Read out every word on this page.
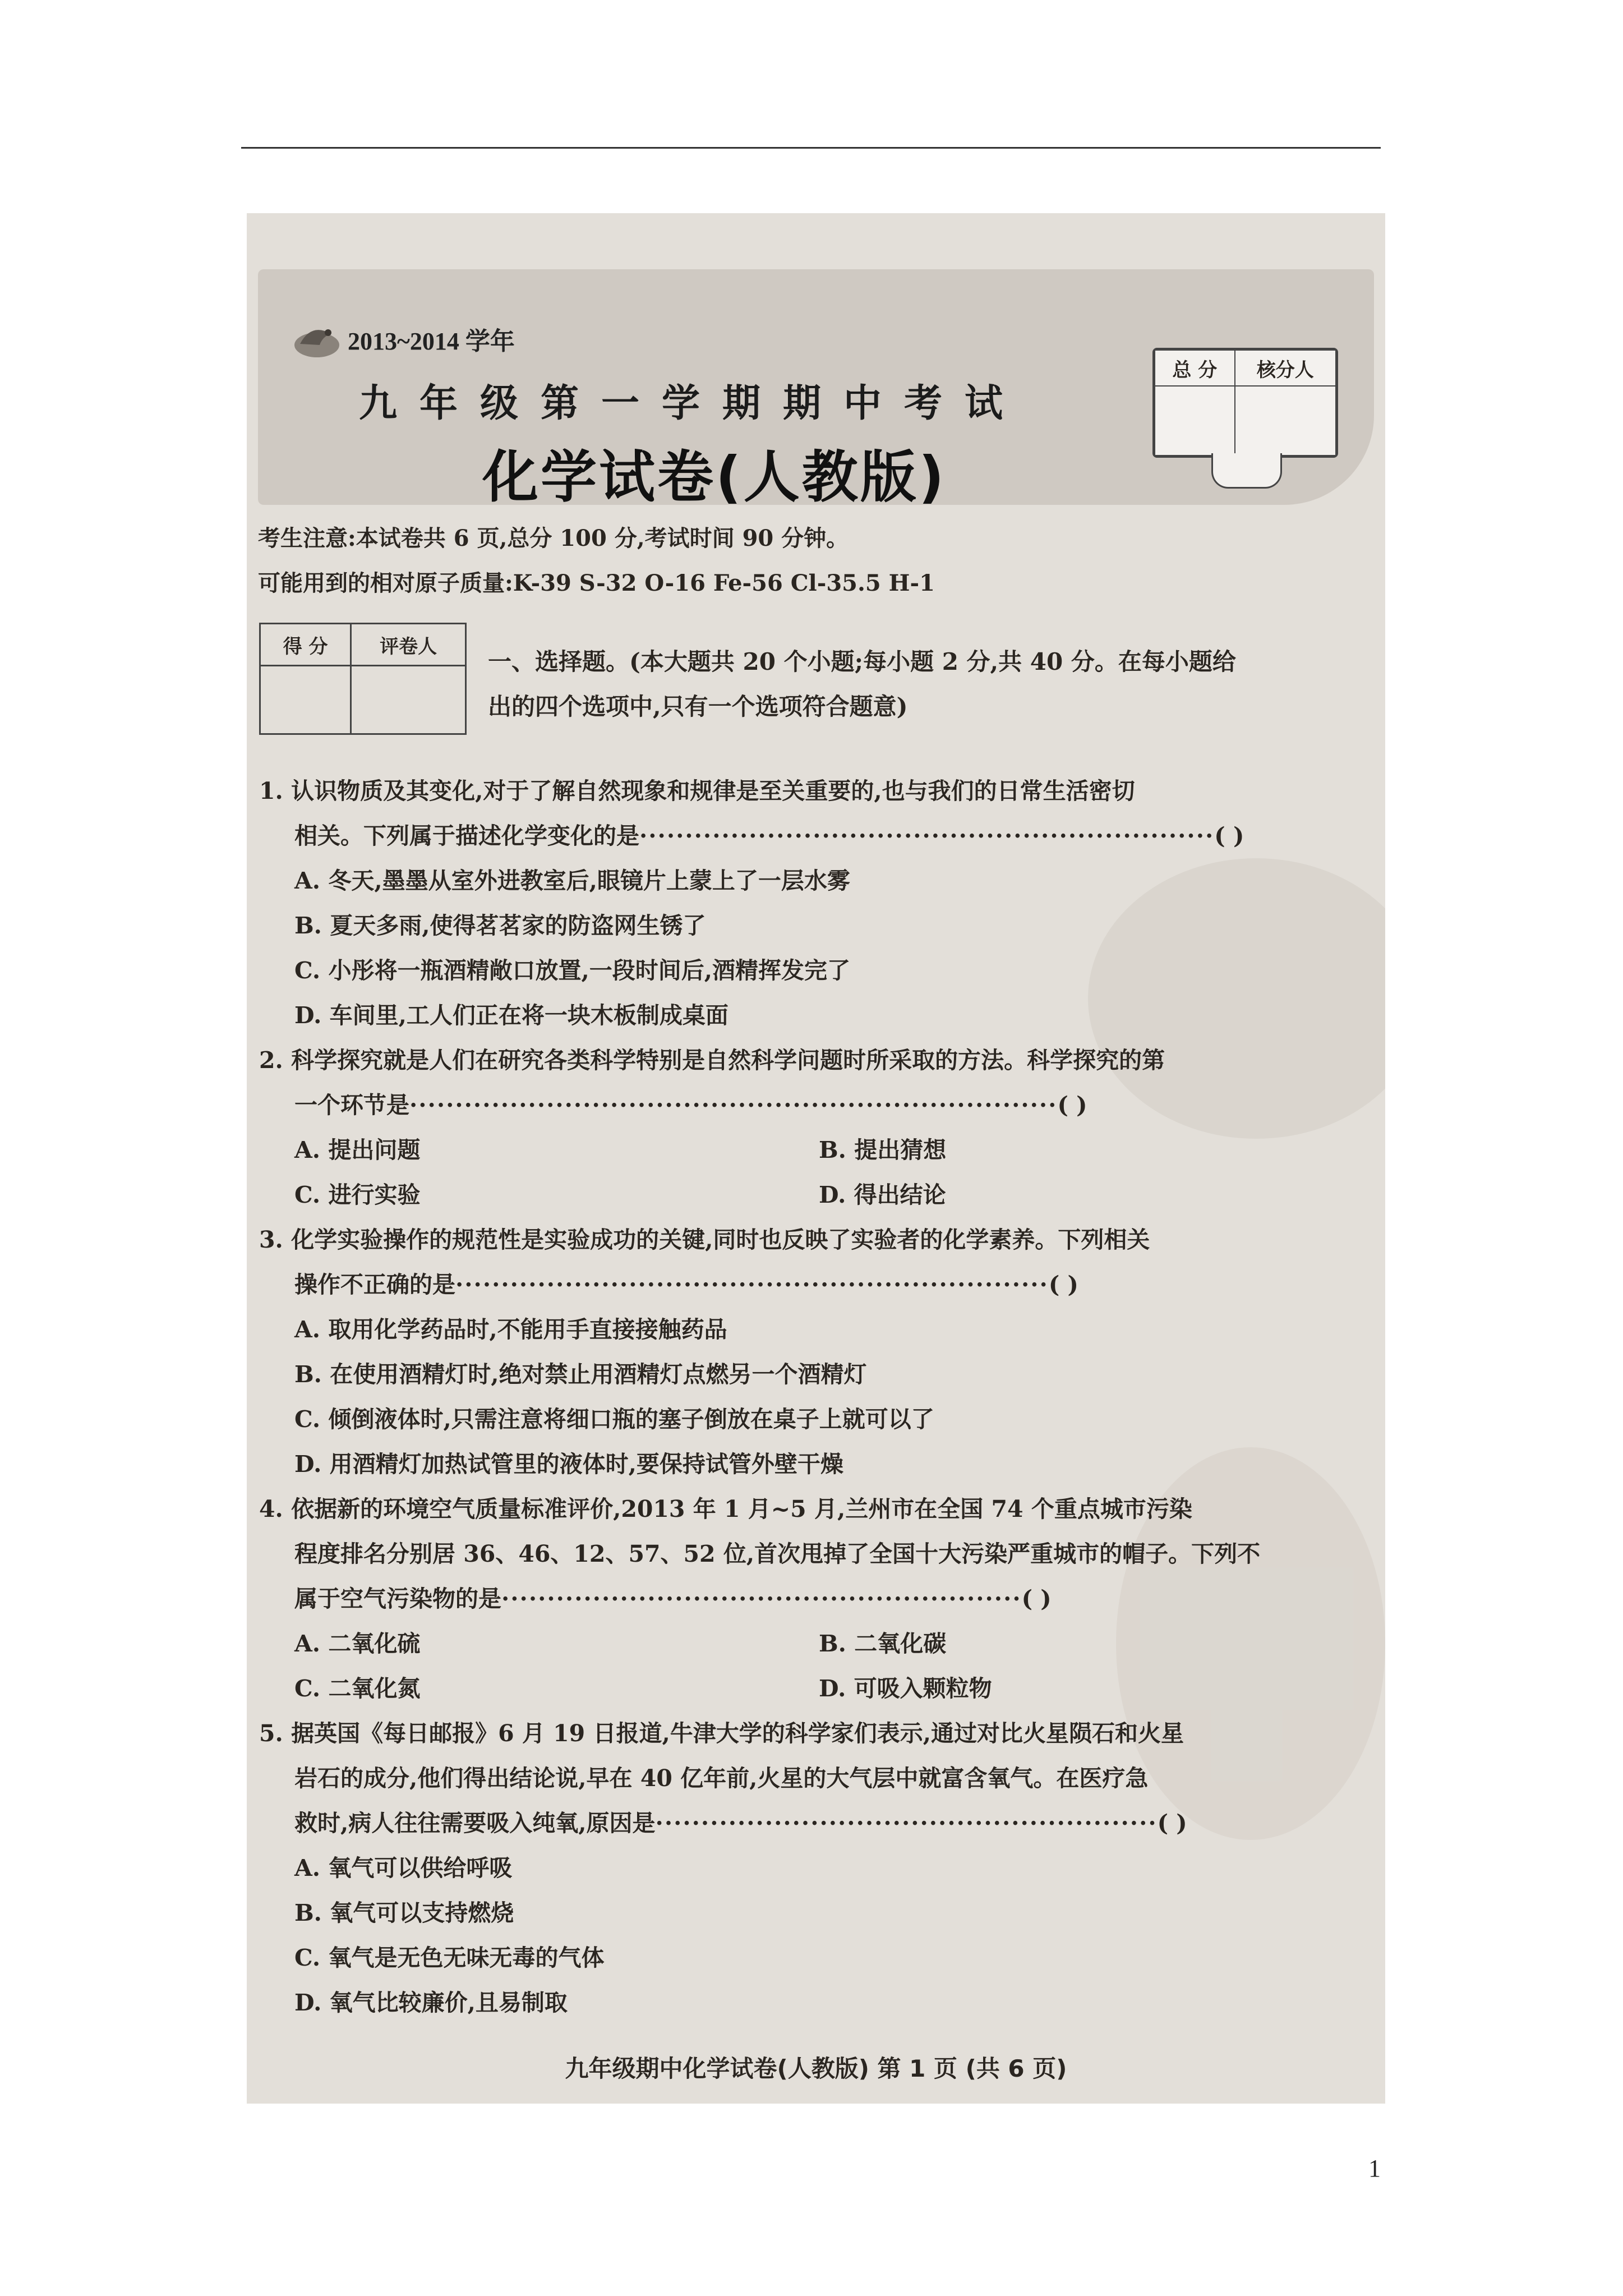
2013~2014 学年
九年级第一学期期中考试
化学试卷(人教版)
总 分	核分人

考生注意:本试卷共 6 页,总分 100 分,考试时间 90 分钟。
可能用到的相对原子质量:K-39 S-32 O-16 Fe-56 Cl-35.5 H-1
得 分	评卷人

一、选择题。(本大题共 20 个小题;每小题 2 分,共 40 分。在每小题给
出的四个选项中,只有一个选项符合题意)
1. 认识物质及其变化,对于了解自然现象和规律是至关重要的,也与我们的日常生活密切
相关。下列属于描述化学变化的是·······························································( )
A. 冬天,墨墨从室外进教室后,眼镜片上蒙上了一层水雾
B. 夏天多雨,使得茗茗家的防盗网生锈了
C. 小彤将一瓶酒精敞口放置,一段时间后,酒精挥发完了
D. 车间里,工人们正在将一块木板制成桌面
2. 科学探究就是人们在研究各类科学特别是自然科学问题时所采取的方法。科学探究的第
一个环节是·······································································( )
A. 提出问题	B. 提出猜想
C. 进行实验	D. 得出结论
3. 化学实验操作的规范性是实验成功的关键,同时也反映了实验者的化学素养。下列相关
操作不正确的是·································································( )
A. 取用化学药品时,不能用手直接接触药品
B. 在使用酒精灯时,绝对禁止用酒精灯点燃另一个酒精灯
C. 倾倒液体时,只需注意将细口瓶的塞子倒放在桌子上就可以了
D. 用酒精灯加热试管里的液体时,要保持试管外壁干燥
4. 依据新的环境空气质量标准评价,2013 年 1 月~5 月,兰州市在全国 74 个重点城市污染
程度排名分别居 36、46、12、57、52 位,首次甩掉了全国十大污染严重城市的帽子。下列不
属于空气污染物的是·························································( )
A. 二氧化硫	B. 二氧化碳
C. 二氧化氮	D. 可吸入颗粒物
5. 据英国《每日邮报》6 月 19 日报道,牛津大学的科学家们表示,通过对比火星陨石和火星
岩石的成分,他们得出结论说,早在 40 亿年前,火星的大气层中就富含氧气。在医疗急
救时,病人往往需要吸入纯氧,原因是·······················································( )
A. 氧气可以供给呼吸
B. 氧气可以支持燃烧
C. 氧气是无色无味无毒的气体
D. 氧气比较廉价,且易制取
九年级期中化学试卷(人教版) 第 1 页 (共 6 页)
1
